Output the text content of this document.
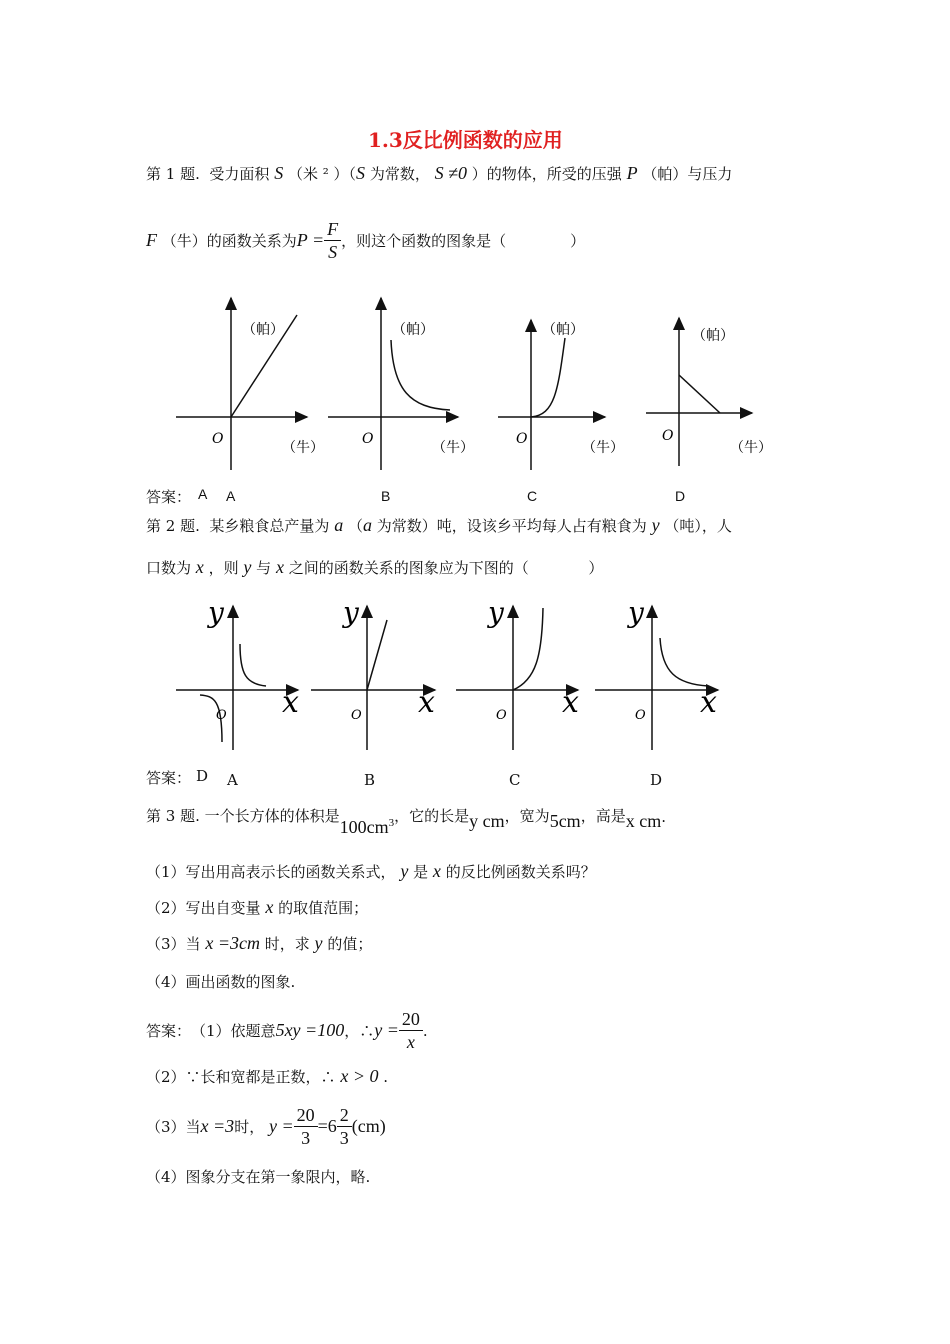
1.3反比例函数的应用
第 1 题. 受力面积 S （米 ² ）（S 为常数， S ≠0 ）的物体，所受的压强 P （帕）与压力
F
（牛）的函数关系为 $P = \frac{F}{S}$ ，则这个函数的图象是（	）
（帕）
O
（牛）
（帕）
O
（牛）
（帕）
O
（牛）
（帕）
O
（牛）
答案： A A	B	C	D
第 2 题. 某乡粮食总产量为 a （a 为常数）吨，设该乡平均每人占有粮食为 y （吨），人
口数为 x ，则 y 与 x 之间的函数关系的图象应为下图的（	）
y
x
O
y
x
O
y
x
O
y
x
O
答案： D A	B	C	D
第 3 题.
一个长方体的体积是
$100cm^3$ ，它的长是 y cm ，宽为 5cm ，高是 x cm .
（1）写出用高表示长的函数关系式， y 是 x 的反比例函数关系吗？
（2）写出自变量 x 的取值范围；
（3）当 x =3cm 时，求 y 的值；
（4）画出函数的图象.
答案： （1）依题意 5xy =100 ，∴ $y = \frac{20}{x}$ .
（2）∵长和宽都是正数，∴ x > 0 .
（3）当 x =3 时，
$y = \frac{20}{3} =6 \frac{2}{3} (cm)$
（4）图象分支在第一象限内，略.
